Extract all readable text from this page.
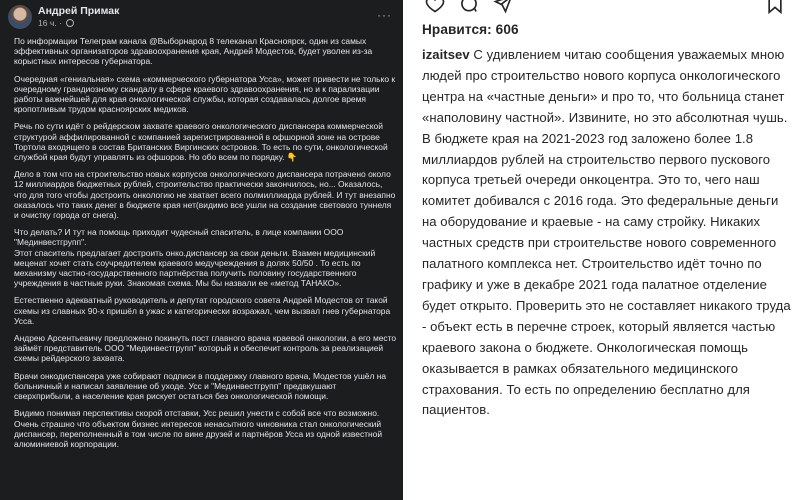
Андрей Примак
16 ч. ·
···

По информации Телеграм канала @Выборнарод 8 телеканал Красноярск, один из самых эффективных организаторов здравоохранения края, Андрей Модестов, будет уволен из-за корыстных интересов губернатора.

Очередная «гениальная» схема «коммерческого губернатора Усса», может привести не только к очередному грандиозному скандалу в сфере краевого здравоохранения, но и к парализации работы важнейшей для края онкологической службы, которая создавалась долгое время кропотливым трудом красноярских медиков.

Речь по сути идёт о рейдерском захвате краевого онкологического диспансера коммерческой структурой аффилированной с компанией зарегистрированной в офшорной зоне на острове Тортола входящего в состав Британских Виргинских островов. То есть по сути, онкологической службой края будут управлять из офшоров. Но обо всем по порядку. 👇

Дело в том что на строительство новых корпусов онкологического диспансера потрачено около 12 миллиардов бюджетных рублей, строительство практически закончилось, но... Оказалось, что для того чтобы достроить онкологию не хватает всего полмиллиарда рублей. И тут внезапно оказалось что таких денег в бюджете края нет(видимо все ушли на создание светового туннеля и очистку города от снега).

Что делать? И тут на помощь приходит чудесный спаситель, в лице компании ООО "Мединвестгрупп".

Этот спаситель предлагает достроить онко.диспансер за свои деньги. Взамен медицинский меценат хочет стать соучредителем краевого медучреждения в долях 50/50 . То есть по механизму частно-государственного партнёрства получить половину государственного учреждения в частные руки. Знакомая схема. Мы бы назвали ее «метод ТАНАКО».

Естественно адекватный руководитель и депутат городского совета Андрей Модестов от такой схемы из славных 90-х пришёл в ужас и категорически возражал, чем вызвал гнев губернатора Усса.

Андрею Арсентьевичу предложено покинуть пост главного врача краевой онкологии, а его место займёт представитель ООО "Мединвестгрупп" который и обеспечит контроль за реализацией схемы рейдерского захвата.

Врачи онкодиспансера уже собирают подписи в поддержку главного врача, Модестов ушёл на больничный и написал заявление об уходе. Усс и "Мединвестгрупп" предвкушают сверхприбыли, а население края рискует остаться без онкологической помощи.

Видимо понимая перспективы скорой отставки, Усс решил унести с собой все что возможно. Очень страшно что объектом бизнес интересов ненасытного чиновника стал онкологический диспансер, переполненный в том числе по вине друзей и партнёров Усса из одной известной алюминиевой корпорации.

Нравится: 606
izaitsev С удивлением читаю сообщения уважаемых мною людей про строительство нового корпуса онкологического центра на «частные деньги» и про то, что больница станет «наполовину частной». Извините, но это абсолютная чушь. В бюджете края на 2021-2023 год заложено более 1.8 миллиардов рублей на строительство первого пускового корпуса третьей очереди онкоцентра. Это то, чего наш комитет добивался с 2016 года. Это федеральные деньги на оборудование и краевые - на саму стройку. Никаких частных средств при строительстве нового современного палатного комплекса нет. Строительство идёт точно по графику и уже в декабре 2021 года палатное отделение будет открыто. Проверить это не составляет никакого труда - объект есть в перечне строек, который является частью краевого закона о бюджете. Онкологическая помощь оказывается в рамках обязательного медицинского страхования. То есть по определению бесплатно для пациентов.
